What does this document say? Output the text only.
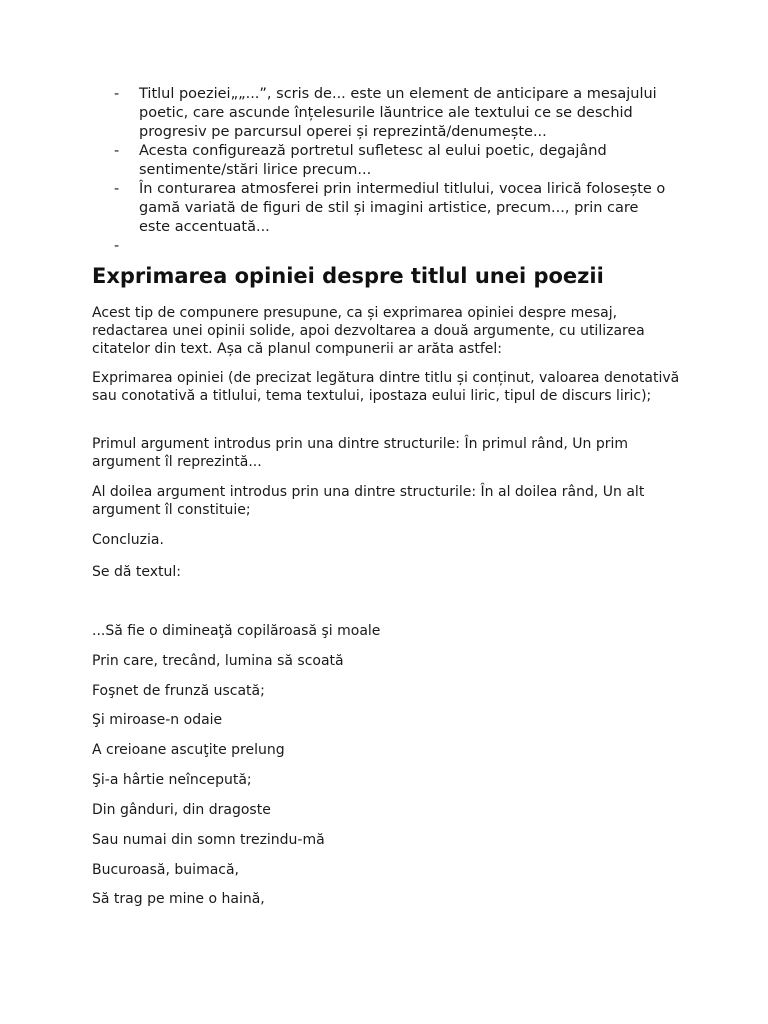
- Titlul poeziei„„...”, scris de... este un element de anticipare a mesajului poetic, care ascunde înțelesurile lăuntrice ale textului ce se deschid progresiv pe parcursul operei și reprezintă/denumește...
- Acesta configurează portretul sufletesc al eului poetic, degajând sentimente/stări lirice precum...
- În conturarea atmosferei prin intermediul titlului, vocea lirică folosește o gamă variată de figuri de stil și imagini artistice, precum..., prin care este accentuată...
-

Exprimarea opiniei despre titlul unei poezii

Acest tip de compunere presupune, ca și exprimarea opiniei despre mesaj, redactarea unei opinii solide, apoi dezvoltarea a două argumente, cu utilizarea citatelor din text. Așa că planul compunerii ar arăta astfel:

Exprimarea opiniei (de precizat legătura dintre titlu și conținut, valoarea denotativă sau conotativă a titlului, tema textului, ipostaza eului liric, tipul de discurs liric);

Primul argument introdus prin una dintre structurile: În primul rând, Un prim argument îl reprezintă...

Al doilea argument introdus prin una dintre structurile: În al doilea rând, Un alt argument îl constituie;

Concluzia.

Se dă textul:

...Să fie o dimineaţă copilăroasă şi moale

Prin care, trecând, lumina să scoată

Foşnet de frunză uscată;

Şi miroase-n odaie

A creioane ascuţite prelung

Şi-a hârtie neîncepută;

Din gânduri, din dragoste

Sau numai din somn trezindu-mă

Bucuroasă, buimacă,

Să trag pe mine o haină,
